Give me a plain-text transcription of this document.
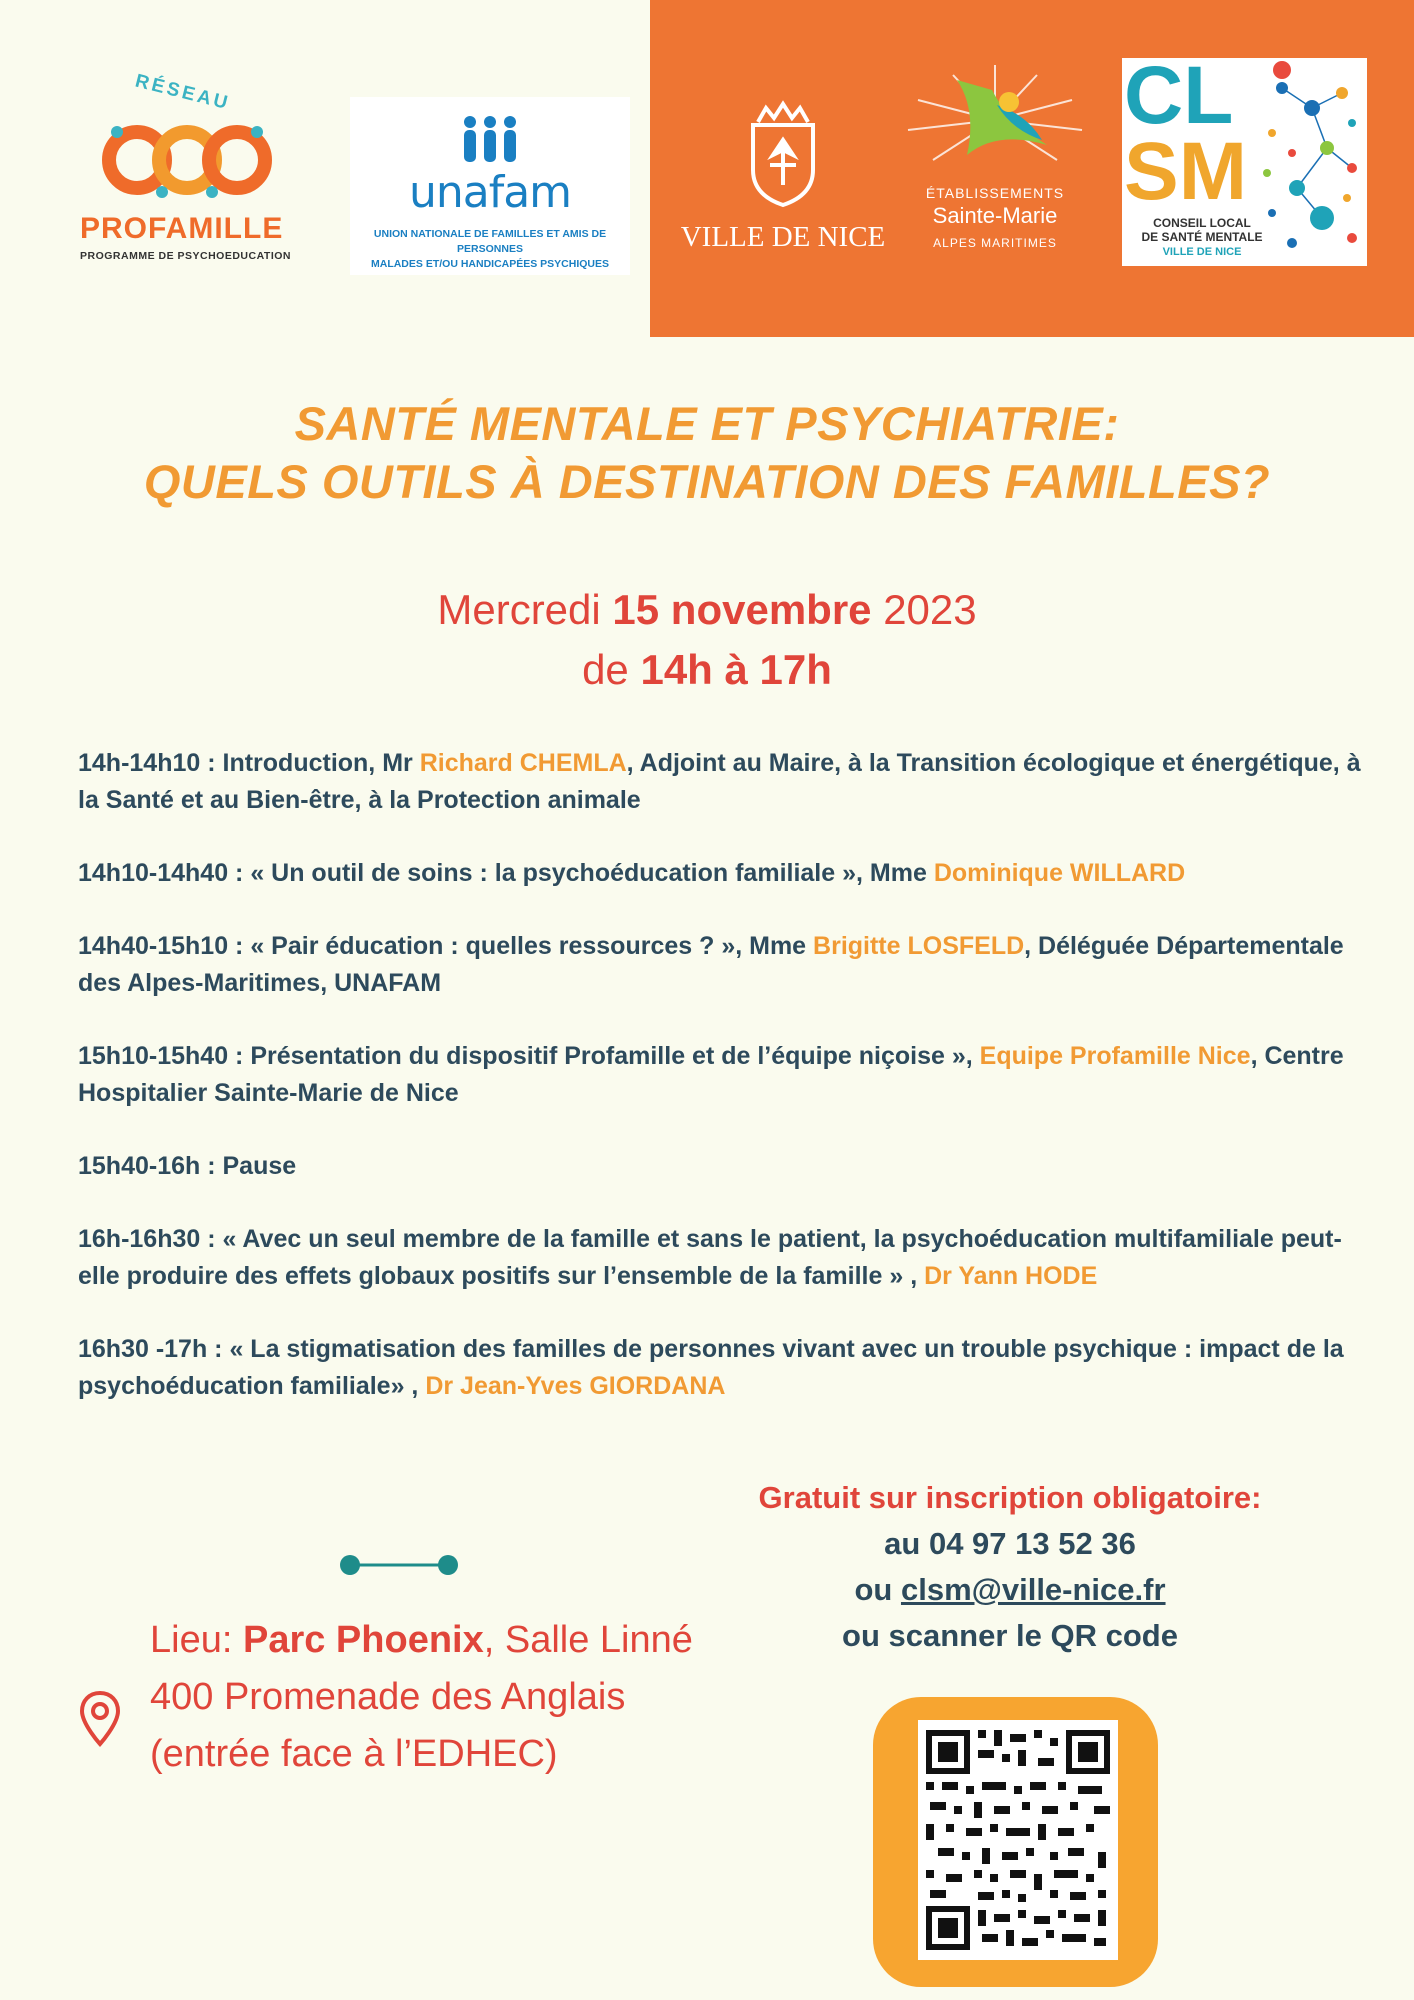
RÉSEAU
PROFAMILLE
PROGRAMME DE PSYCHOEDUCATION
unafam
UNION NATIONALE DE FAMILLES ET AMIS DE PERSONNES
MALADES ET/OU HANDICAPÉES PSYCHIQUES
VILLE DE NICE
ÉTABLISSEMENTS
Sainte-Marie
ALPES MARITIMES
CL
SM
CONSEIL LOCAL
DE SANTÉ MENTALE
VILLE DE NICE
SANTÉ MENTALE ET PSYCHIATRIE:
QUELS OUTILS À DESTINATION DES FAMILLES?
Mercredi 15 novembre 2023
de 14h à 17h

14h-14h10 : Introduction, Mr Richard CHEMLA, Adjoint au Maire, à la Transition écologique et énergétique, à la Santé et au Bien-être, à la Protection animale

14h10-14h40 : « Un outil de soins : la psychoéducation familiale », Mme Dominique WILLARD

14h40-15h10 : « Pair éducation : quelles ressources ? », Mme Brigitte LOSFELD, Déléguée Départementale des Alpes-Maritimes, UNAFAM

15h10-15h40 : Présentation du dispositif Profamille et de l’équipe niçoise », Equipe Profamille Nice, Centre Hospitalier Sainte-Marie de Nice

15h40-16h : Pause

16h-16h30 : « Avec un seul membre de la famille et sans le patient, la psychoéducation multifamiliale peut-elle produire des effets globaux positifs sur l’ensemble de la famille » , Dr Yann HODE

16h30 -17h : « La stigmatisation des familles de personnes vivant avec un trouble psychique : impact de la psychoéducation familiale» , Dr Jean-Yves GIORDANA

Lieu: Parc Phoenix, Salle Linné
400 Promenade des Anglais
(entrée face à l’EDHEC)
Gratuit sur inscription obligatoire:
au 04 97 13 52 36
ou clsm@ville-nice.fr
ou scanner le QR code
